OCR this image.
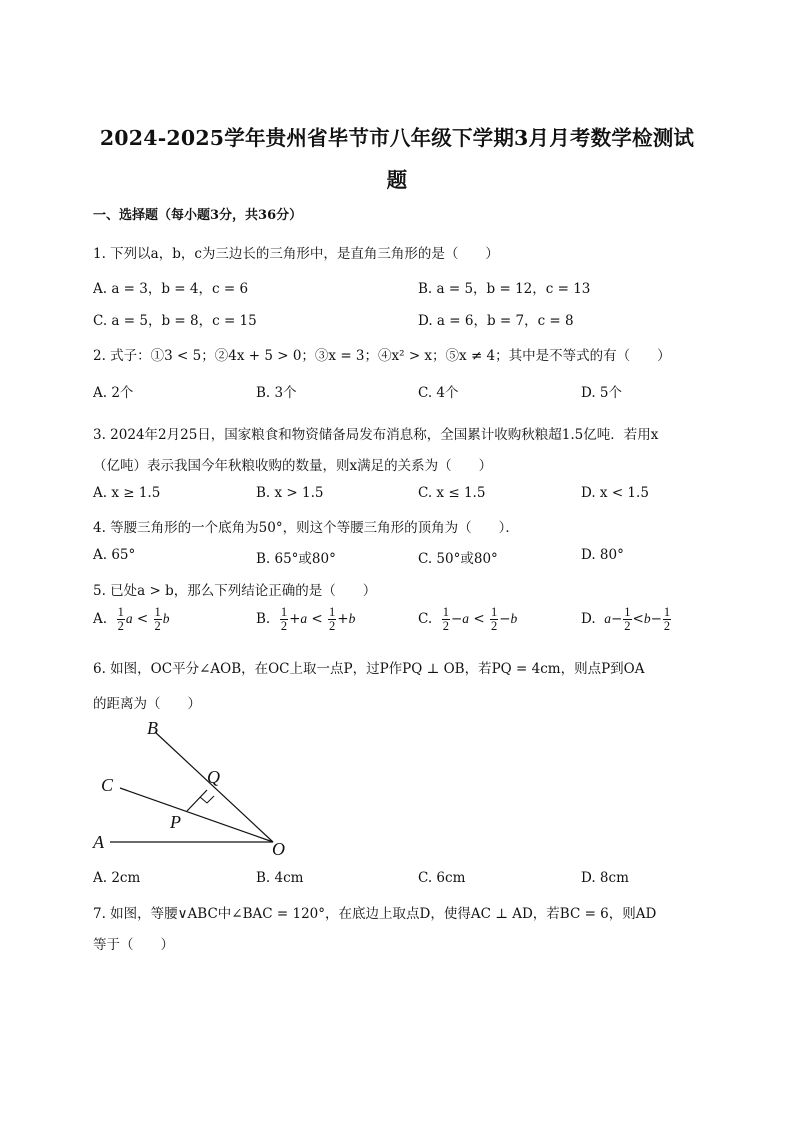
2024-2025学年贵州省毕节市八年级下学期3月月考数学检测试
题
一、选择题（每小题3分，共36分）
1. 下列以a，b，c为三边长的三角形中，是直角三角形的是（　　）
A. a = 3，b = 4，c = 6	B. a = 5，b = 12，c = 13
C. a = 5，b = 8，c = 15	D. a = 6，b = 7，c = 8
2. 式子：①3 < 5；②4x + 5 > 0；③x = 3；④x² > x；⑤x ≠ 4；其中是不等式的有（　　）
A. 2个	B. 3个	C. 4个	D. 5个
3. 2024年2月25日，国家粮食和物资储备局发布消息称，全国累计收购秋粮超1.5亿吨．若用x
（亿吨）表示我国今年秋粮收购的数量，则x满足的关系为（　　）
A. x ≥ 1.5	B. x > 1.5	C. x ≤ 1.5	D. x < 1.5
4. 等腰三角形的一个底角为50°，则这个等腰三角形的顶角为（　　）．
A. 65°	B. 65°或80°	C. 50°或80°	D. 80°
5. 已处a > b，那么下列结论正确的是（　　）
A. $\frac{1}{2}$ $a < \frac{1}{2}$ b	B. $\frac{1}{2} +a < \frac{1}{2} +b$	C. $\frac{1}{2} -a < \frac{1}{2} -b$	D. $a- \frac{1}{2} <b- \frac{1}{2}$
6. 如图，OC平分∠AOB，在OC上取一点P，过P作PQ ⊥ OB，若PQ = 4cm，则点P到OA
的距离为（　　）
B
C	Q
P
A	O
A. 2cm	B. 4cm	C. 6cm	D. 8cm
7. 如图，等腰∨ABC中∠BAC = 120°，在底边上取点D，使得AC ⊥ AD，若BC = 6，则AD
等于（　　）
